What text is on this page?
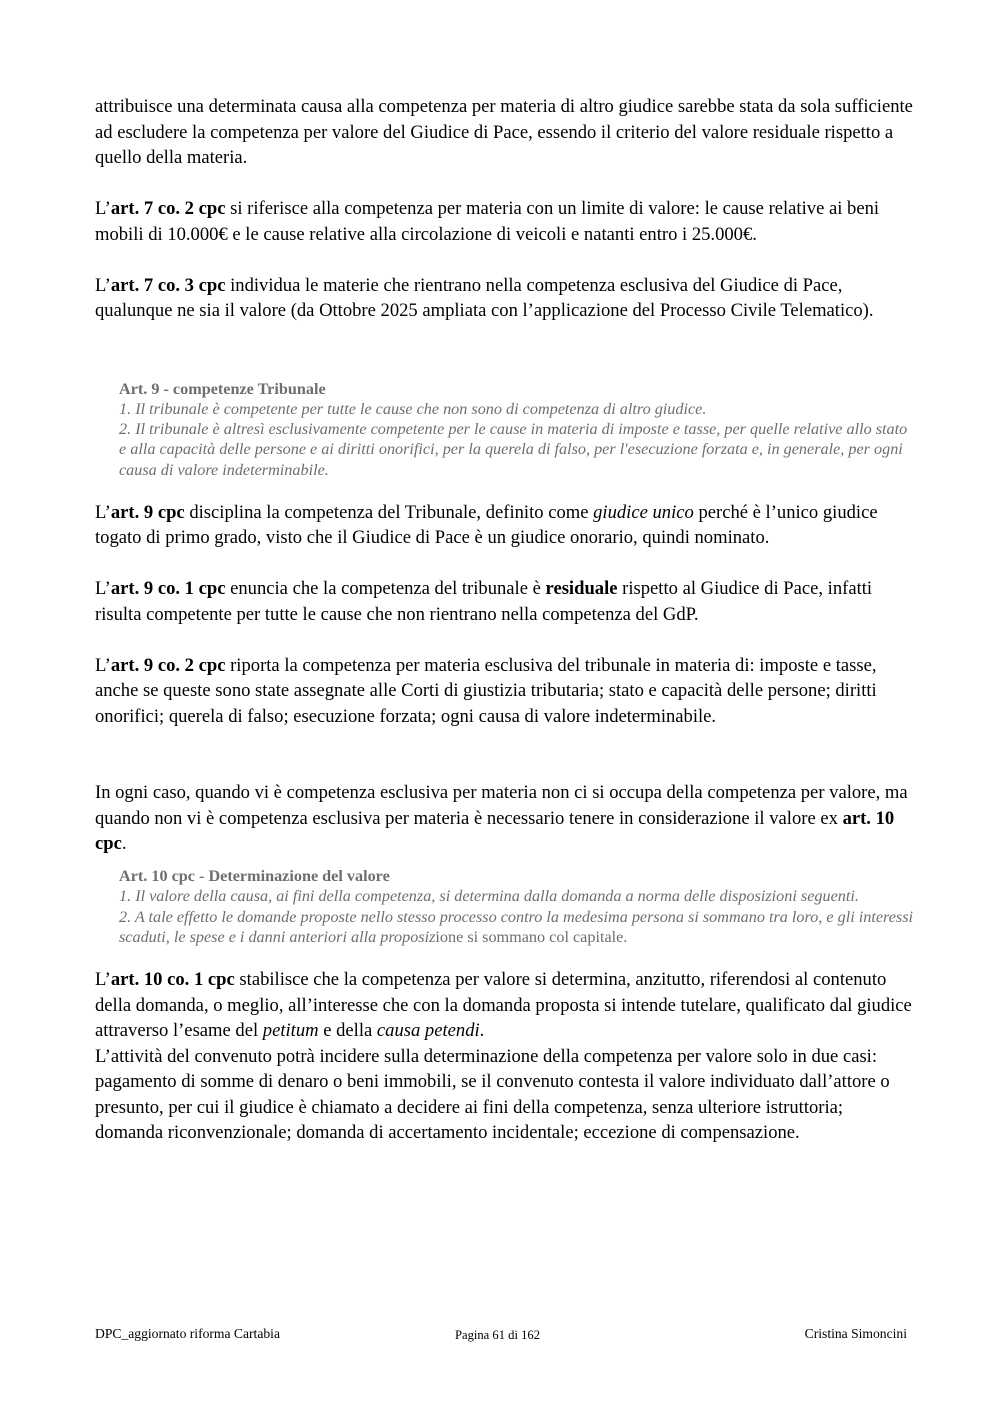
attribuisce una determinata causa alla competenza per materia di altro giudice sarebbe stata da sola sufficiente ad escludere la competenza per valore del Giudice di Pace, essendo il criterio del valore residuale rispetto a quello della materia.

L’art. 7 co. 2 cpc si riferisce alla competenza per materia con un limite di valore: le cause relative ai beni mobili di 10.000€ e le cause relative alla circolazione di veicoli e natanti entro i 25.000€.

L’art. 7 co. 3 cpc individua le materie che rientrano nella competenza esclusiva del Giudice di Pace, qualunque ne sia il valore (da Ottobre 2025 ampliata con l’applicazione del Processo Civile Telematico).

Art. 9 - competenze Tribunale
1. Il tribunale è competente per tutte le cause che non sono di competenza di altro giudice.
2. Il tribunale è altresì esclusivamente competente per le cause in materia di imposte e tasse, per quelle relative allo stato e alla capacità delle persone e ai diritti onorifici, per la querela di falso, per l'esecuzione forzata e, in generale, per ogni causa di valore indeterminabile.

L’art. 9 cpc disciplina la competenza del Tribunale, definito come giudice unico perché è l’unico giudice togato di primo grado, visto che il Giudice di Pace è un giudice onorario, quindi nominato.

L’art. 9 co. 1 cpc enuncia che la competenza del tribunale è residuale rispetto al Giudice di Pace, infatti risulta competente per tutte le cause che non rientrano nella competenza del GdP.

L’art. 9 co. 2 cpc riporta la competenza per materia esclusiva del tribunale in materia di: imposte e tasse, anche se queste sono state assegnate alle Corti di giustizia tributaria; stato e capacità delle persone; diritti onorifici; querela di falso; esecuzione forzata; ogni causa di valore indeterminabile.

In ogni caso, quando vi è competenza esclusiva per materia non ci si occupa della competenza per valore, ma quando non vi è competenza esclusiva per materia è necessario tenere in considerazione il valore ex art. 10 cpc.

Art. 10 cpc - Determinazione del valore
1. Il valore della causa, ai fini della competenza, si determina dalla domanda a norma delle disposizioni seguenti.
2. A tale effetto le domande proposte nello stesso processo contro la medesima persona si sommano tra loro, e gli interessi scaduti, le spese e i danni anteriori alla proposizione si sommano col capitale.

L’art. 10 co. 1 cpc stabilisce che la competenza per valore si determina, anzitutto, riferendosi al contenuto della domanda, o meglio, all’interesse che con la domanda proposta si intende tutelare, qualificato dal giudice attraverso l’esame del petitum e della causa petendi.

L’attività del convenuto potrà incidere sulla determinazione della competenza per valore solo in due casi: pagamento di somme di denaro o beni immobili, se il convenuto contesta il valore individuato dall’attore o presunto, per cui il giudice è chiamato a decidere ai fini della competenza, senza ulteriore istruttoria; domanda riconvenzionale; domanda di accertamento incidentale; eccezione di compensazione.

DPC_aggiornato riforma Cartabia	Pagina 61 di 162	Cristina Simoncini
